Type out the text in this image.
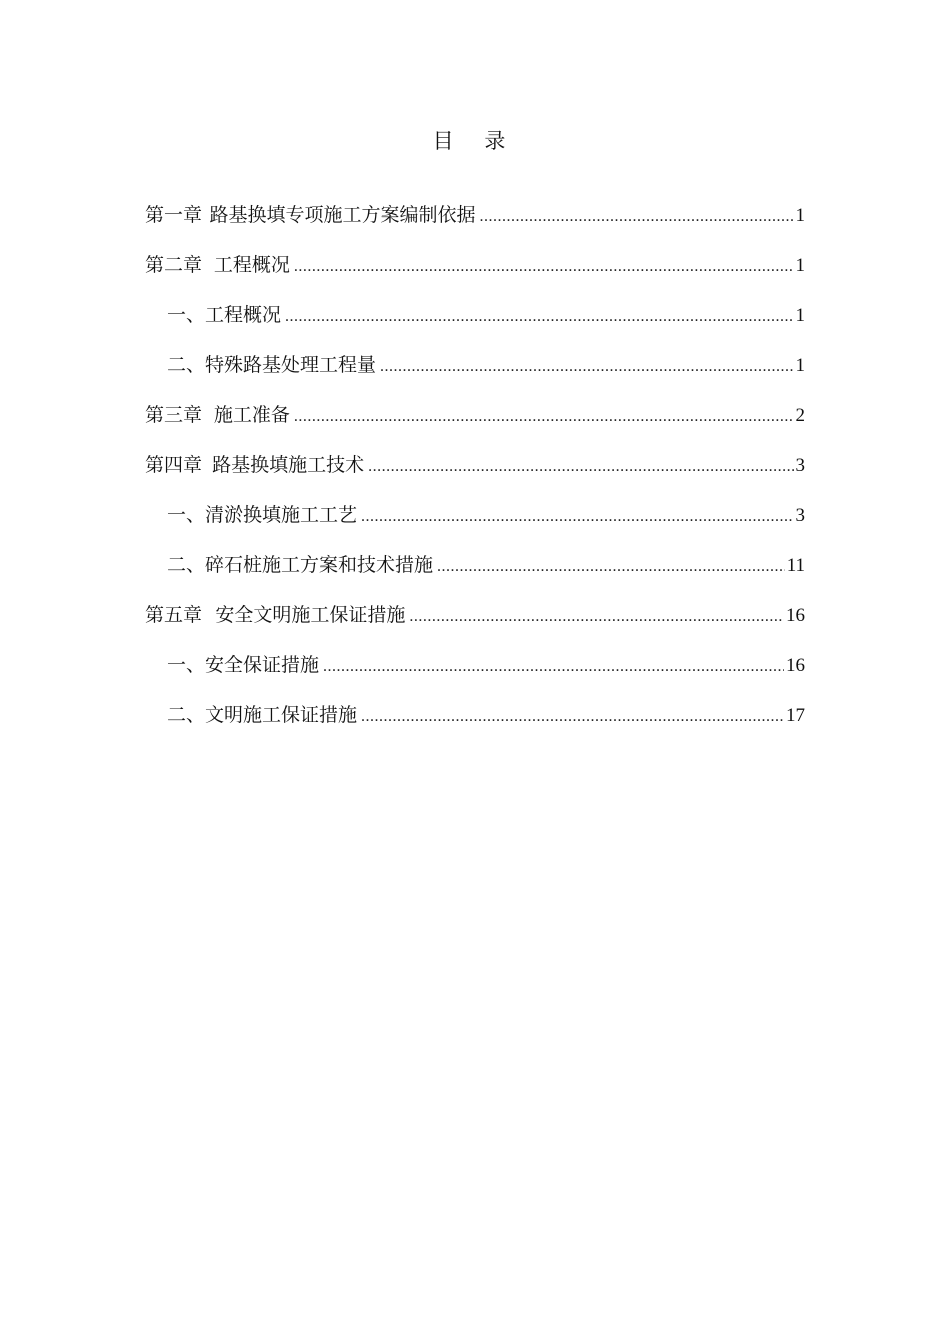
目 录
第一章 路基换填专项施工方案编制依据 .....	1
第二章 工程概况 .....	1
一、工程概况 .....	1
二、特殊路基处理工程量 .....	1
第三章 施工准备 .....	2
第四章 路基换填施工技术 .....	3
一、清淤换填施工工艺 .....	3
二、碎石桩施工方案和技术措施 .....	11
第五章 安全文明施工保证措施 .....	16
一、安全保证措施 .....	16
二、文明施工保证措施 .....	17
